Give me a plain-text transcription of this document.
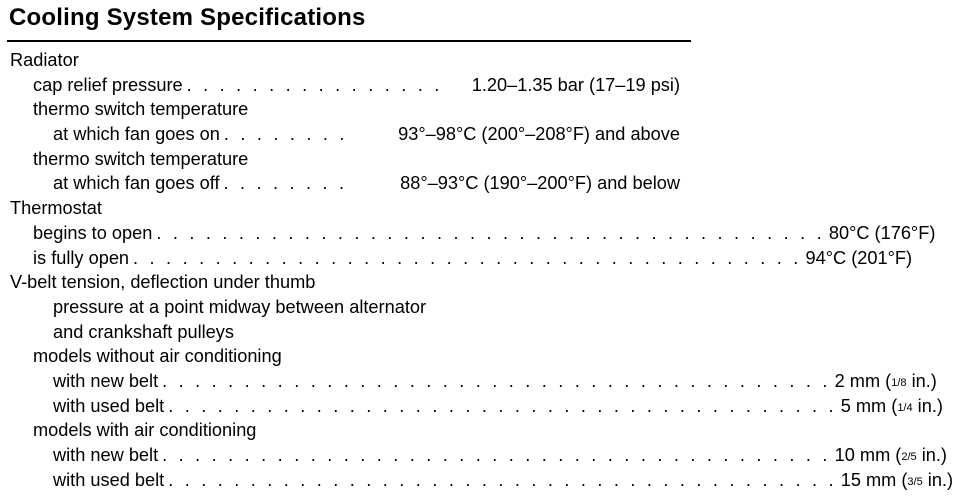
Cooling System Specifications
Radiator
cap relief pressure . . . . . . . . . . . . . . . .	1.20–1.35 bar (17–19 psi)
thermo switch temperature
at which fan goes on . . . . . . . .	93°–98°C (200°–208°F) and above
thermo switch temperature
at which fan goes off . . . . . . . .	88°–93°C (190°–200°F) and below
Thermostat
begins to open . . . . . . . . . . . . . . . . . . . . . . . . . . . . . . . . . . . . . . . . . 80°C (176°F)
is fully open . . . . . . . . . . . . . . . . . . . . . . . . . . . . . . . . . . . . . . . . . 94°C (201°F)
V-belt tension, deflection under thumb
pressure at a point midway between alternator
and crankshaft pulleys
models without air conditioning
with new belt . . . . . . . . . . . . . . . . . . . . . . . . . . . . . . . . . . . . . . . . . 2 mm ($^{1/8}$ in.)
with used belt . . . . . . . . . . . . . . . . . . . . . . . . . . . . . . . . . . . . . . . . . 5 mm ($^{1/4}$ in.)
models with air conditioning
with new belt . . . . . . . . . . . . . . . . . . . . . . . . . . . . . . . . . . . . . . . . . 10 mm ($^{2/5}$ in.)
with used belt . . . . . . . . . . . . . . . . . . . . . . . . . . . . . . . . . . . . . . . . . 15 mm ($^{3/5}$ in.)
